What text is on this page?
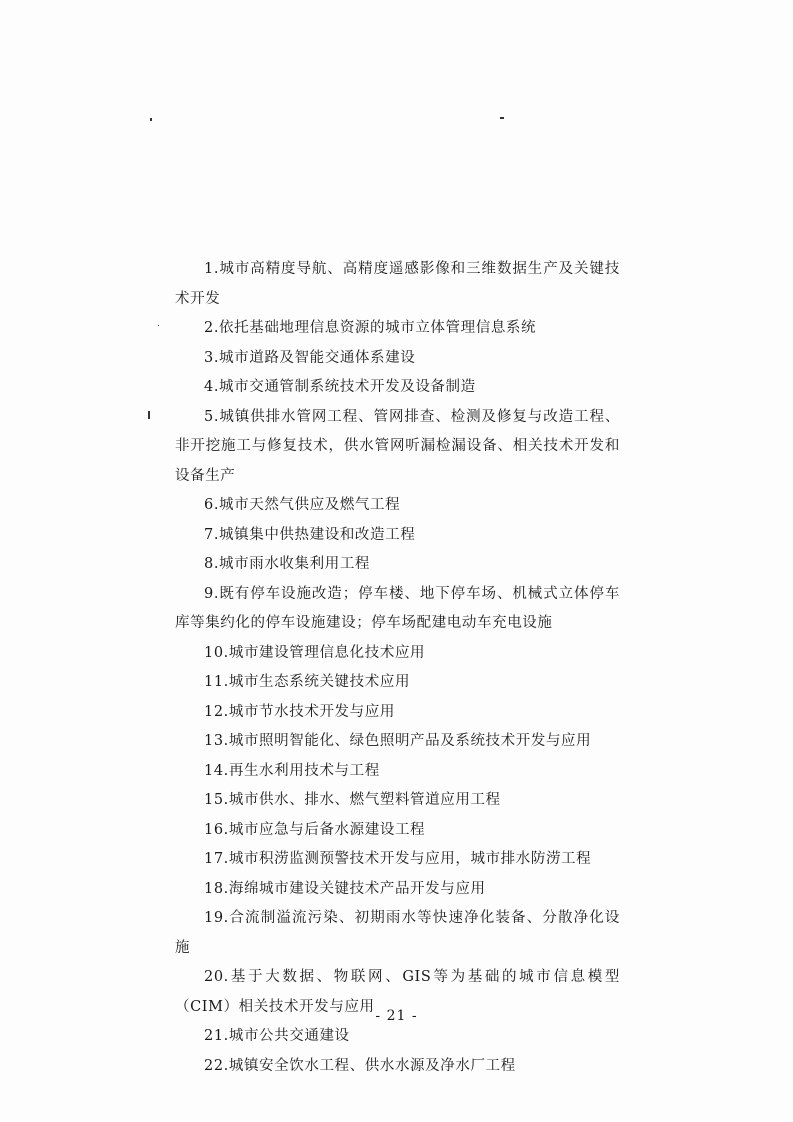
1.城市高精度导航、高精度遥感影像和三维数据生产及关键技术开发

2.依托基础地理信息资源的城市立体管理信息系统

3.城市道路及智能交通体系建设

4.城市交通管制系统技术开发及设备制造

5.城镇供排水管网工程、管网排查、检测及修复与改造工程、非开挖施工与修复技术，供水管网听漏检漏设备、相关技术开发和设备生产

6.城市天然气供应及燃气工程

7.城镇集中供热建设和改造工程

8.城市雨水收集利用工程

9.既有停车设施改造；停车楼、地下停车场、机械式立体停车库等集约化的停车设施建设；停车场配建电动车充电设施

10.城市建设管理信息化技术应用

11.城市生态系统关键技术应用

12.城市节水技术开发与应用

13.城市照明智能化、绿色照明产品及系统技术开发与应用

14.再生水利用技术与工程

15.城市供水、排水、燃气塑料管道应用工程

16.城市应急与后备水源建设工程

17.城市积涝监测预警技术开发与应用，城市排水防涝工程

18.海绵城市建设关键技术产品开发与应用

19.合流制溢流污染、初期雨水等快速净化装备、分散净化设施

20.基于大数据、物联网、GIS等为基础的城市信息模型（CIM）相关技术开发与应用

21.城市公共交通建设

22.城镇安全饮水工程、供水水源及净水厂工程

- 21 -
